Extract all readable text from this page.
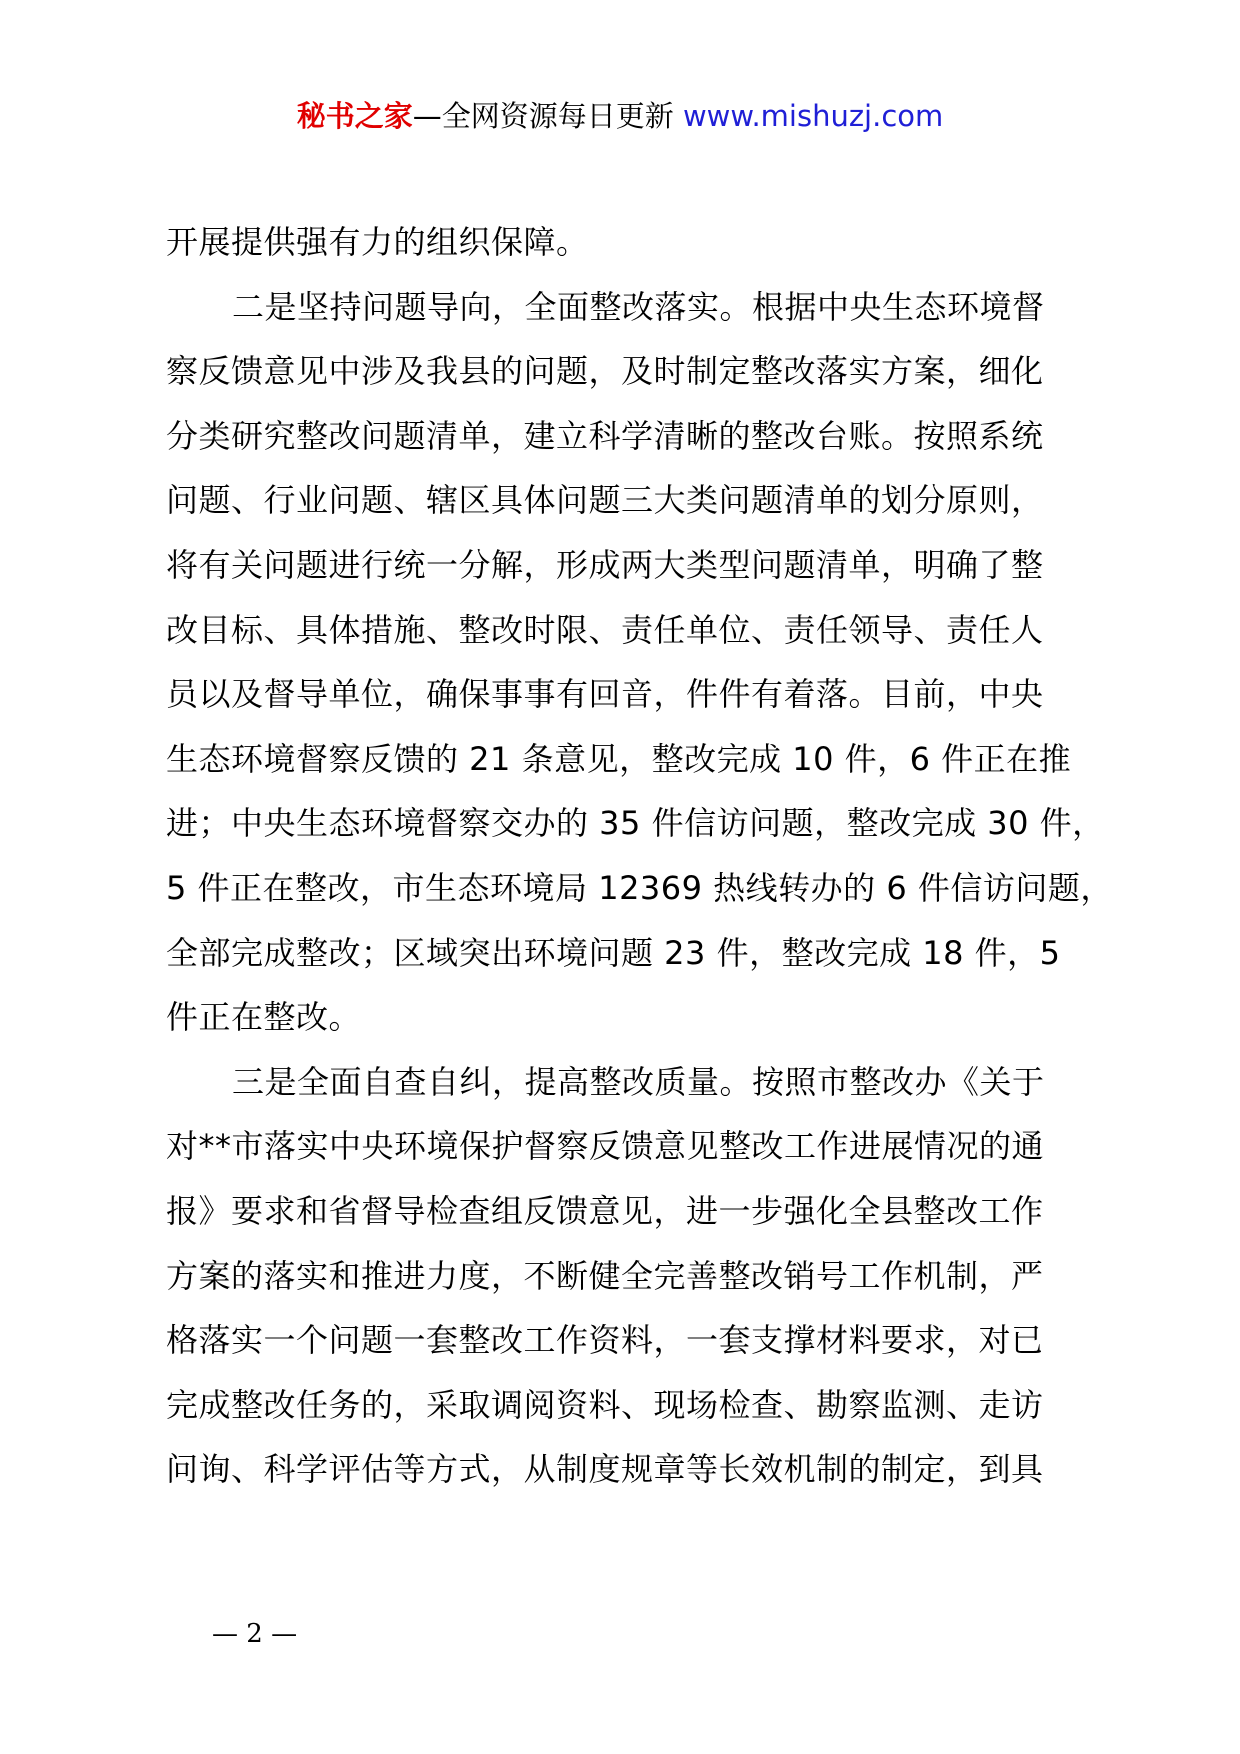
秘书之家—全网资源每日更新 www.mishuzj.com
开展提供强有力的组织保障。
二是坚持问题导向，全面整改落实。根据中央生态环境督
察反馈意见中涉及我县的问题，及时制定整改落实方案，细化
分类研究整改问题清单，建立科学清晰的整改台账。按照系统
问题、行业问题、辖区具体问题三大类问题清单的划分原则，
将有关问题进行统一分解，形成两大类型问题清单，明确了整
改目标、具体措施、整改时限、责任单位、责任领导、责任人
员以及督导单位，确保事事有回音，件件有着落。目前，中央
生态环境督察反馈的 21 条意见，整改完成 10 件，6 件正在推
进；中央生态环境督察交办的 35 件信访问题，整改完成 30 件，
5 件正在整改，市生态环境局 12369 热线转办的 6 件信访问题，
全部完成整改；区域突出环境问题 23 件，整改完成 18 件，5
件正在整改。
三是全面自查自纠，提高整改质量。按照市整改办《关于
对**市落实中央环境保护督察反馈意见整改工作进展情况的通
报》要求和省督导检查组反馈意见，进一步强化全县整改工作
方案的落实和推进力度，不断健全完善整改销号工作机制，严
格落实一个问题一套整改工作资料，一套支撑材料要求，对已
完成整改任务的，采取调阅资料、现场检查、勘察监测、走访
问询、科学评估等方式，从制度规章等长效机制的制定，到具
— 2 —
